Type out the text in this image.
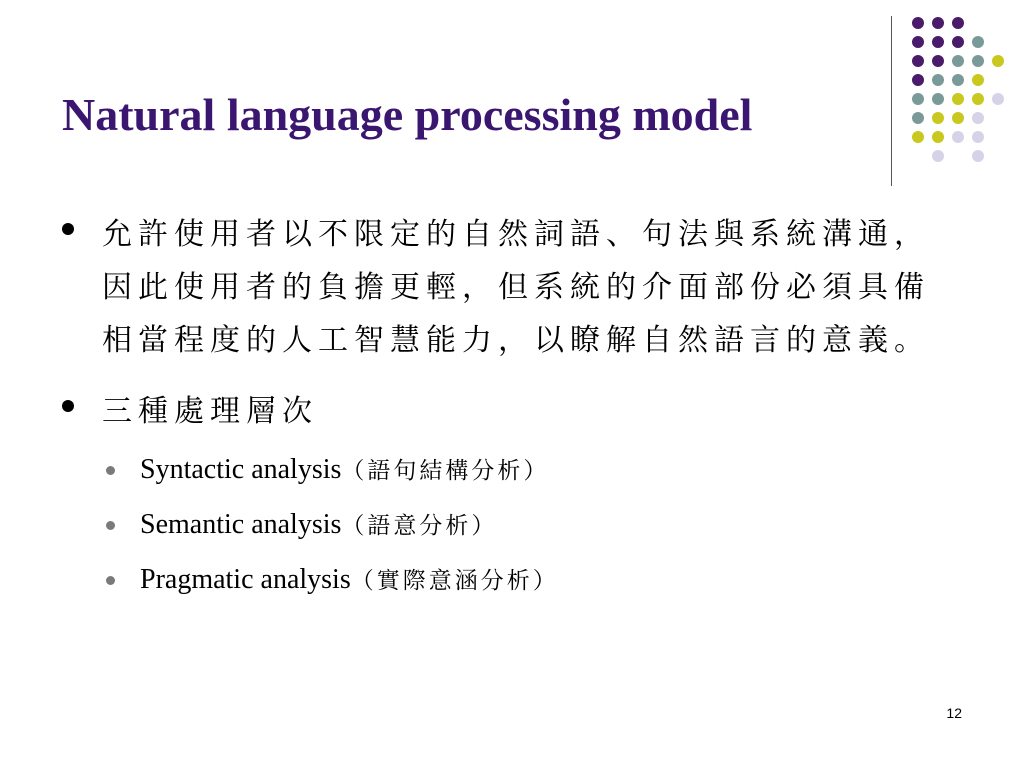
Natural language processing model
允許使用者以不限定的自然詞語、句法與系統溝通，因此使用者的負擔更輕，但系統的介面部份必須具備相當程度的人工智慧能力，以瞭解自然語言的意義。
三種處理層次
Syntactic analysis（語句結構分析）
Semantic analysis（語意分析）
Pragmatic analysis（實際意涵分析）
12
